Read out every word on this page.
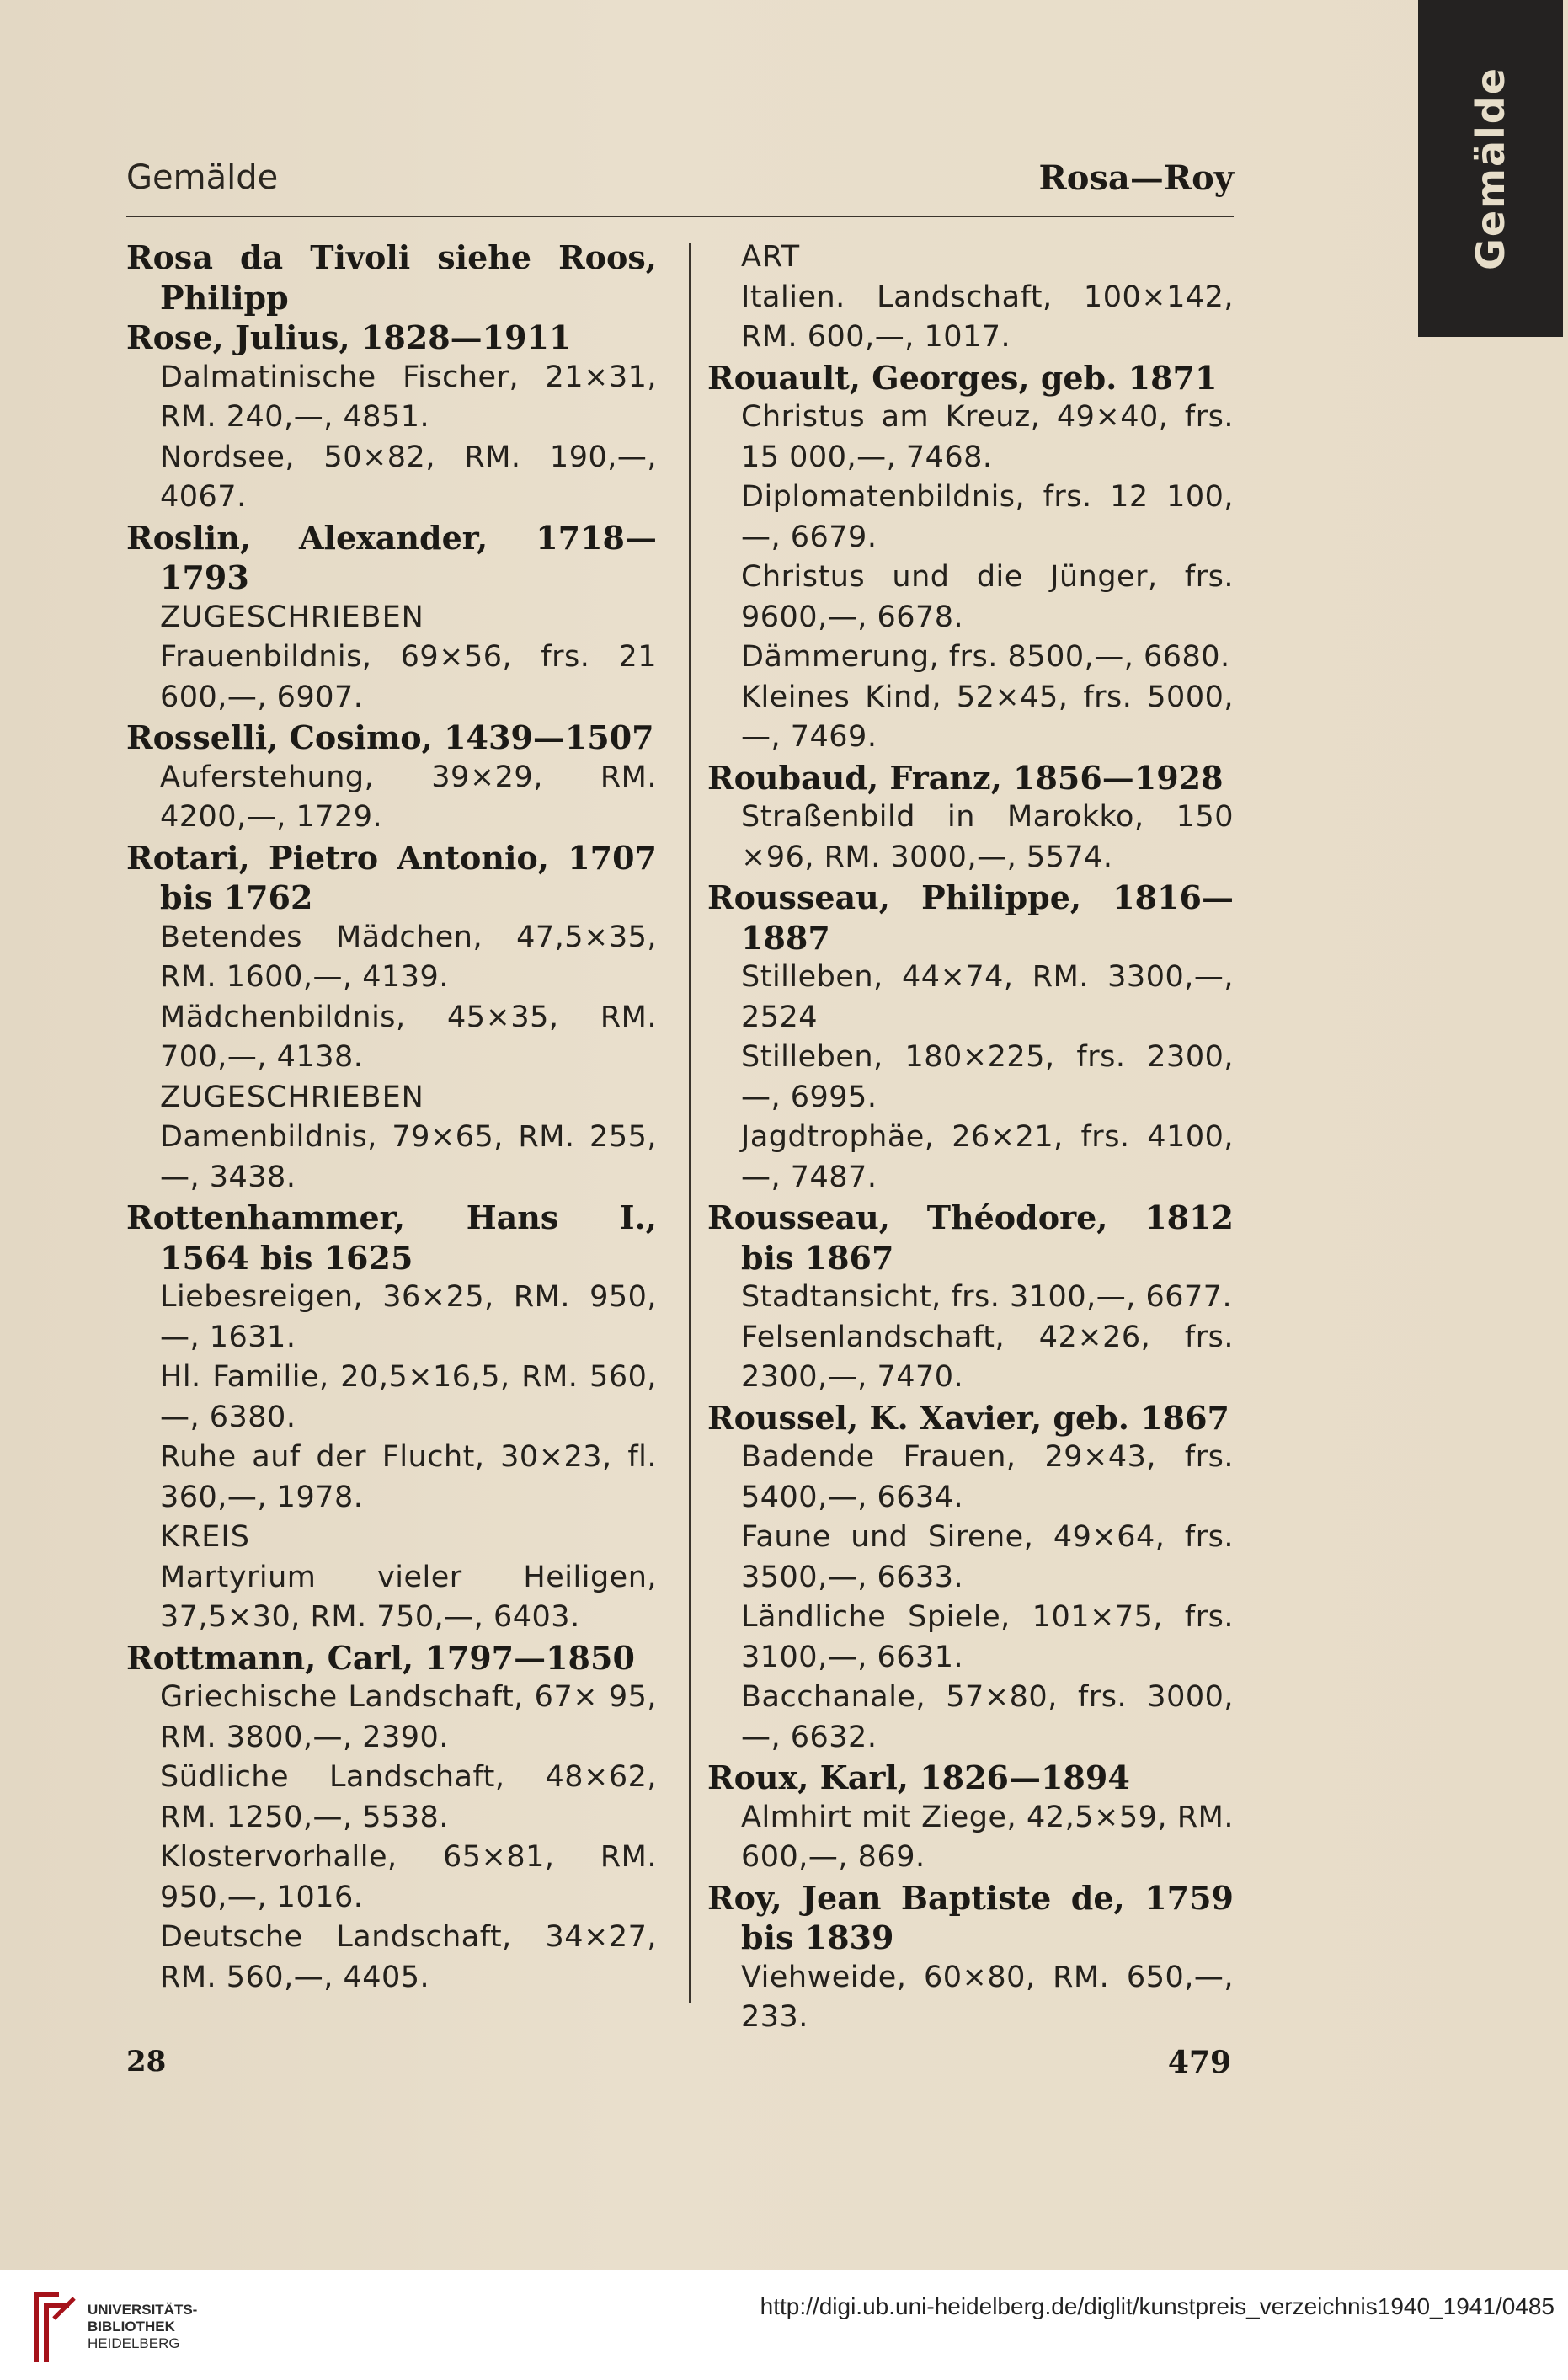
Gemälde
Gemälde	Rosa—Roy

Rosa da Tivoli siehe Roos, Philipp

Rose, Julius, 1828—1911

Dalmatinische Fischer, 21×31, RM. 240,—, 4851.

Nordsee, 50×82, RM. 190,—, 4067.

Roslin, Alexander, 1718—1793

ZUGESCHRIEBEN

Frauenbildnis, 69×56, frs. 21 600,—, 6907.

Rosselli, Cosimo, 1439—1507

Auferstehung, 39×29, RM. 4200,—, 1729.

Rotari, Pietro Antonio, 1707 bis 1762

Betendes Mädchen, 47,5×35, RM. 1600,—, 4139.

Mädchenbildnis, 45×35, RM. 700,—, 4138.

ZUGESCHRIEBEN

Damenbildnis, 79×65, RM. 255,—, 3438.

Rottenhammer, Hans I., 1564 bis 1625

Liebesreigen, 36×25, RM. 950,—, 1631.

Hl. Familie, 20,5×16,5, RM. 560,—, 6380.

Ruhe auf der Flucht, 30×23, fl. 360,—, 1978.

KREIS

Martyrium vieler Heiligen, 37,5×30, RM. 750,—, 6403.

Rottmann, Carl, 1797—1850

Griechische Landschaft, 67× 95, RM. 3800,—, 2390.

Südliche Landschaft, 48×62, RM. 1250,—, 5538.

Klostervorhalle, 65×81, RM. 950,—, 1016.

Deutsche Landschaft, 34×27, RM. 560,—, 4405.

ART

Italien. Landschaft, 100×142, RM. 600,—, 1017.

Rouault, Georges, geb. 1871

Christus am Kreuz, 49×40, frs. 15 000,—, 7468.

Diplomatenbildnis, frs. 12 100,—, 6679.

Christus und die Jünger, frs. 9600,—, 6678.

Dämmerung, frs. 8500,—, 6680.

Kleines Kind, 52×45, frs. 5000,—, 7469.

Roubaud, Franz, 1856—1928

Straßenbild in Marokko, 150 ×96, RM. 3000,—, 5574.

Rousseau, Philippe, 1816—1887

Stilleben, 44×74, RM. 3300,—, 2524

Stilleben, 180×225, frs. 2300,—, 6995.

Jagdtrophäe, 26×21, frs. 4100,—, 7487.

Rousseau, Théodore, 1812 bis 1867

Stadtansicht, frs. 3100,—, 6677.

Felsenlandschaft, 42×26, frs. 2300,—, 7470.

Roussel, K. Xavier, geb. 1867

Badende Frauen, 29×43, frs. 5400,—, 6634.

Faune und Sirene, 49×64, frs. 3500,—, 6633.

Ländliche Spiele, 101×75, frs. 3100,—, 6631.

Bacchanale, 57×80, frs. 3000,—, 6632.

Roux, Karl, 1826—1894

Almhirt mit Ziege, 42,5×59, RM. 600,—, 869.

Roy, Jean Baptiste de, 1759 bis 1839

Viehweide, 60×80, RM. 650,—, 233.

28	479
UNIVERSITÄTS-
BIBLIOTHEK
HEIDELBERG
http://digi.ub.uni-heidelberg.de/diglit/kunstpreis_verzeichnis1940_1941/0485
